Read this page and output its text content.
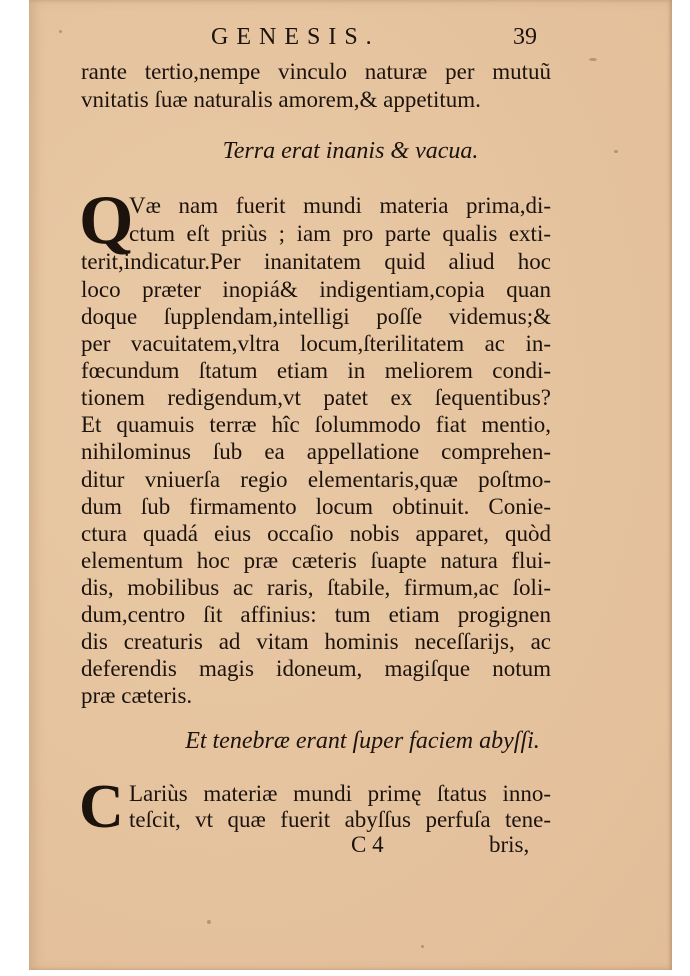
GENESIS.	39
rante tertio,nempe vinculo naturæ per mutuũ
vnitatis ſuæ naturalis amorem,& appetitum.
Terra erat inanis & vacua.
Q
Væ nam fuerit mundi materia prima,di-
ctum eſt priùs ; iam pro parte qualis exti-
terit,indicatur.Per inanitatem quid aliud hoc
loco præter inopiá& indigentiam,copia quan
doque ſupplendam,intelligi poſſe videmus;&
per vacuitatem,vltra locum,ſterilitatem ac in-
fœcundum ſtatum etiam in meliorem condi-
tionem redigendum,vt patet ex ſequentibus?
Et quamuis terræ hîc ſolummodo fiat mentio,
nihilominus ſub ea appellatione comprehen-
ditur vniuerſa regio elementaris,quæ poſtmo-
dum ſub firmamento locum obtinuit. Conie-
ctura quadá eius occaſio nobis apparet, quòd
elementum hoc præ cæteris ſuapte natura flui-
dis, mobilibus ac raris, ſtabile, firmum,ac ſoli-
dum,centro ſit affinius: tum etiam progignen
dis creaturis ad vitam hominis neceſſarijs, ac
deferendis magis idoneum, magiſque notum
præ cæteris.
Et tenebræ erant ſuper faciem abyſſi.
C Lariùs materiæ mundi primę ſtatus inno-
teſcit, vt quæ fuerit abyſſus perfuſa tene-
C 4	bris,
